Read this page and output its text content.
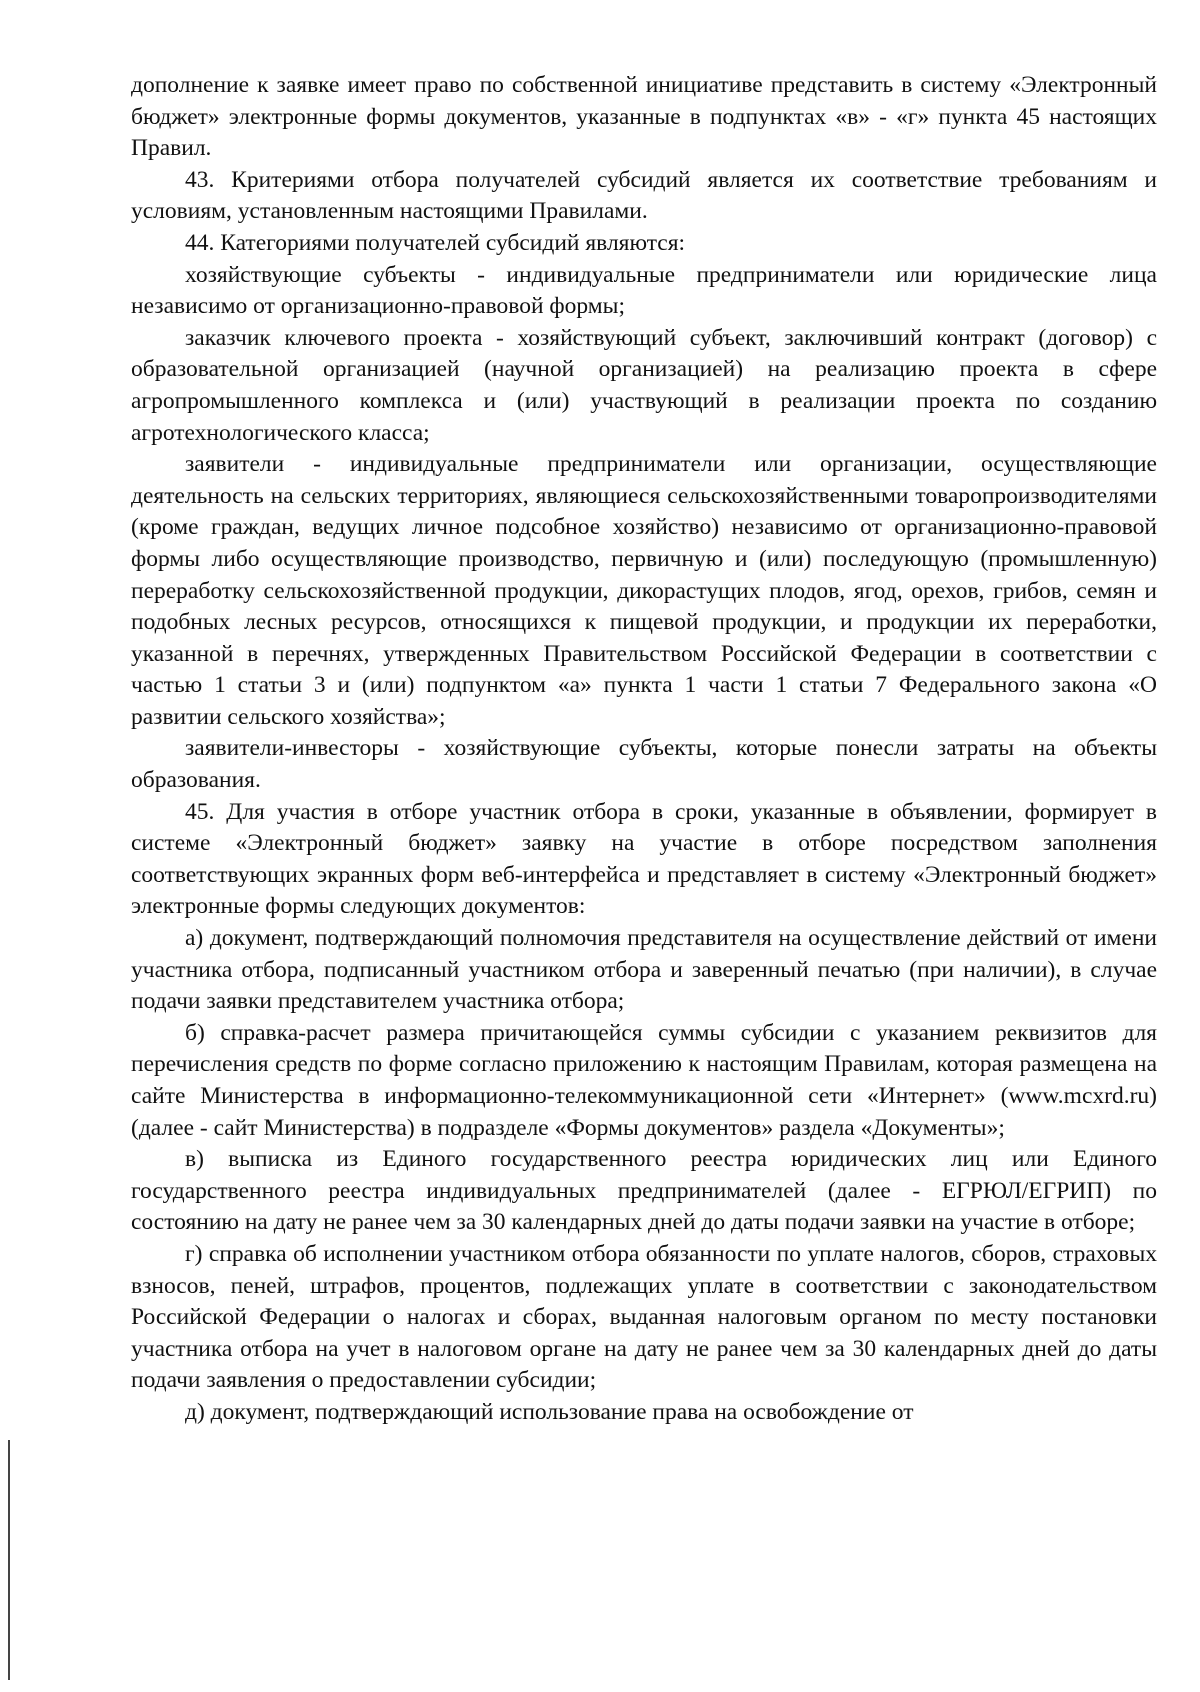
дополнение к заявке имеет право по собственной инициативе представить в систему «Электронный бюджет» электронные формы документов, указанные в подпунктах «в» - «г» пункта 45 настоящих Правил.

43. Критериями отбора получателей субсидий является их соответствие требованиям и условиям, установленным настоящими Правилами.

44. Категориями получателей субсидий являются:

хозяйствующие субъекты - индивидуальные предприниматели или юридические лица независимо от организационно-правовой формы;

заказчик ключевого проекта - хозяйствующий субъект, заключивший контракт (договор) с образовательной организацией (научной организацией) на реализацию проекта в сфере агропромышленного комплекса и (или) участвующий в реализации проекта по созданию агротехнологического класса;

заявители - индивидуальные предприниматели или организации, осуществляющие деятельность на сельских территориях, являющиеся сельскохозяйственными товаропроизводителями (кроме граждан, ведущих личное подсобное хозяйство) независимо от организационно-правовой формы либо осуществляющие производство, первичную и (или) последующую (промышленную) переработку сельскохозяйственной продукции, дикорастущих плодов, ягод, орехов, грибов, семян и подобных лесных ресурсов, относящихся к пищевой продукции, и продукции их переработки, указанной в перечнях, утвержденных Правительством Российской Федерации в соответствии с частью 1 статьи 3 и (или) подпунктом «а» пункта 1 части 1 статьи 7 Федерального закона «О развитии сельского хозяйства»;

заявители-инвесторы - хозяйствующие субъекты, которые понесли затраты на объекты образования.

45. Для участия в отборе участник отбора в сроки, указанные в объявлении, формирует в системе «Электронный бюджет» заявку на участие в отборе посредством заполнения соответствующих экранных форм веб-интерфейса и представляет в систему «Электронный бюджет» электронные формы следующих документов:

а) документ, подтверждающий полномочия представителя на осуществление действий от имени участника отбора, подписанный участником отбора и заверенный печатью (при наличии), в случае подачи заявки представителем участника отбора;

б) справка-расчет размера причитающейся суммы субсидии с указанием реквизитов для перечисления средств по форме согласно приложению к настоящим Правилам, которая размещена на сайте Министерства в информационно-телекоммуникационной сети «Интернет» (www.mcxrd.ru) (далее - сайт Министерства) в подразделе «Формы документов» раздела «Документы»;

в) выписка из Единого государственного реестра юридических лиц или Единого государственного реестра индивидуальных предпринимателей (далее - ЕГРЮЛ/ЕГРИП) по состоянию на дату не ранее чем за 30 календарных дней до даты подачи заявки на участие в отборе;

г) справка об исполнении участником отбора обязанности по уплате налогов, сборов, страховых взносов, пеней, штрафов, процентов, подлежащих уплате в соответствии с законодательством Российской Федерации о налогах и сборах, выданная налоговым органом по месту постановки участника отбора на учет в налоговом органе на дату не ранее чем за 30 календарных дней до даты подачи заявления о предоставлении субсидии;

д) документ, подтверждающий использование права на освобождение от
